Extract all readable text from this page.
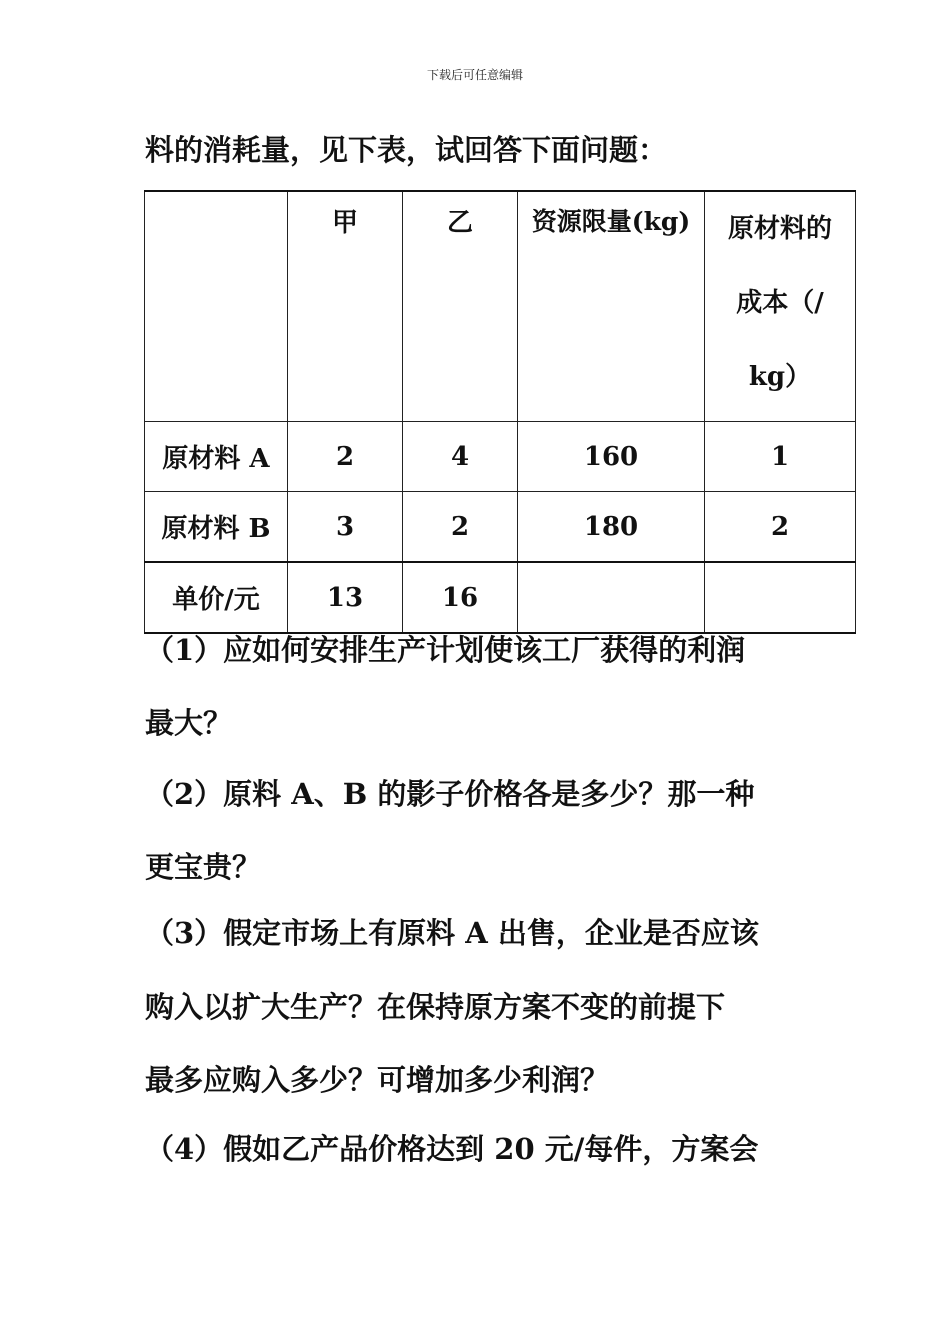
下载后可任意编辑
料的消耗量，见下表，试回答下面问题：
	甲	乙	资源限量(kg)	原材料的
成本（/
kg）

原材料 A	2	4	160	1
原材料 B	3	2	180	2
单价/元	13	16		
（1）应如何安排生产计划使该工厂获得的利润
最大？
（2）原料 A、B 的影子价格各是多少？那一种
更宝贵？
（3）假定市场上有原料 A 出售，企业是否应该
购入以扩大生产？在保持原方案不变的前提下
最多应购入多少？可增加多少利润？
（4）假如乙产品价格达到 20 元/每件，方案会
